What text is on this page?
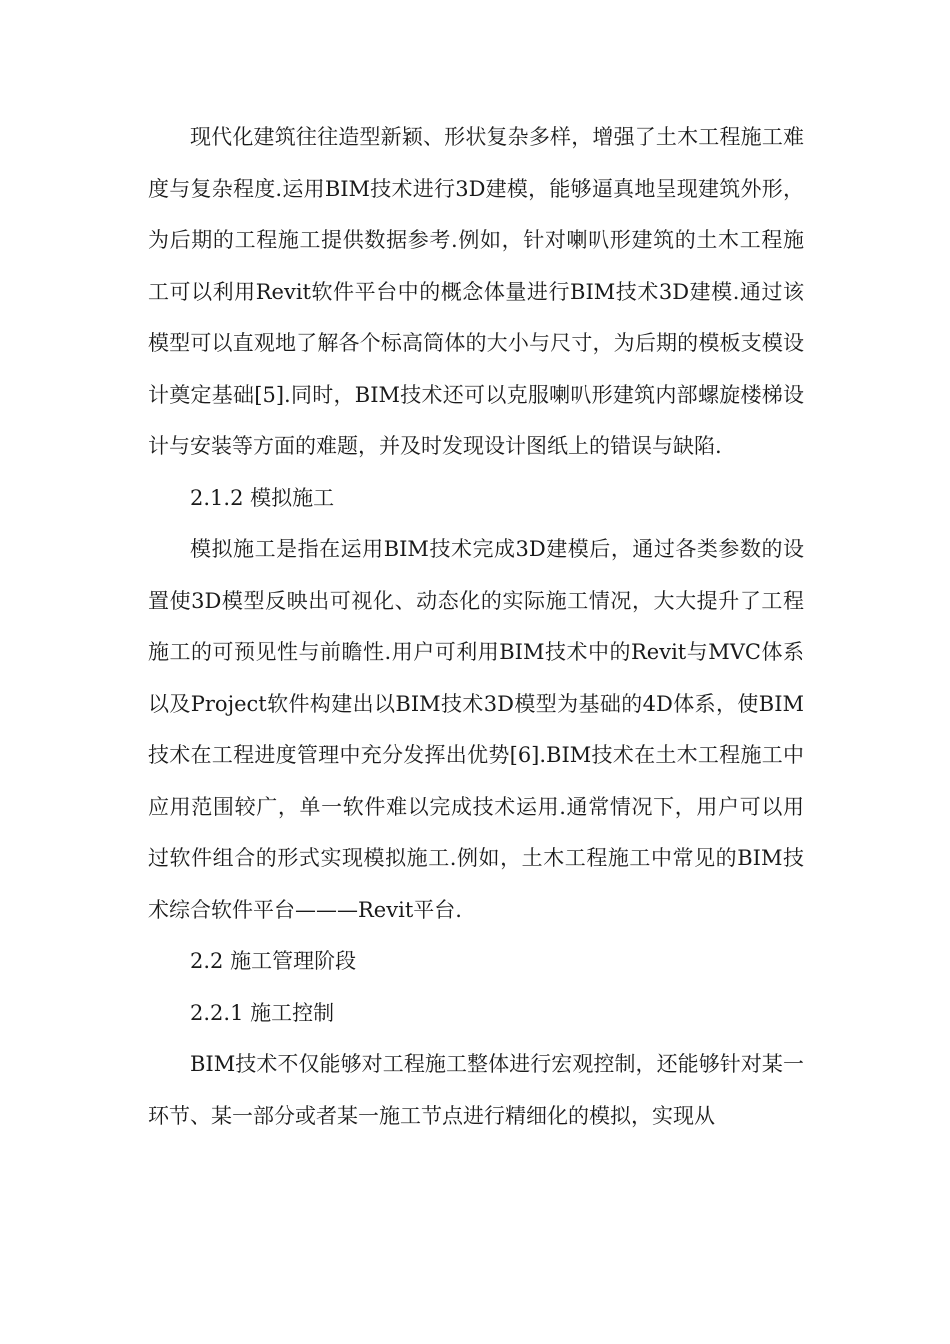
现代化建筑往往造型新颖、形状复杂多样，增强了土木工程施工难度与复杂程度.运用BIM技术进行3D建模，能够逼真地呈现建筑外形，为后期的工程施工提供数据参考.例如，针对喇叭形建筑的土木工程施工可以利用Revit软件平台中的概念体量进行BIM技术3D建模.通过该模型可以直观地了解各个标高筒体的大小与尺寸，为后期的模板支模设计奠定基础[5].同时，BIM技术还可以克服喇叭形建筑内部螺旋楼梯设计与安装等方面的难题，并及时发现设计图纸上的错误与缺陷.

2.1.2 模拟施工

模拟施工是指在运用BIM技术完成3D建模后，通过各类参数的设置使3D模型反映出可视化、动态化的实际施工情况，大大提升了工程施工的可预见性与前瞻性.用户可利用BIM技术中的Revit与MVC体系以及Project软件构建出以BIM技术3D模型为基础的4D体系，使BIM技术在工程进度管理中充分发挥出优势[6].BIM技术在土木工程施工中应用范围较广，单一软件难以完成技术运用.通常情况下，用户可以用过软件组合的形式实现模拟施工.例如，土木工程施工中常见的BIM技术综合软件平台———Revit平台.

2.2 施工管理阶段

2.2.1 施工控制

BIM技术不仅能够对工程施工整体进行宏观控制，还能够针对某一环节、某一部分或者某一施工节点进行精细化的模拟，实现从
